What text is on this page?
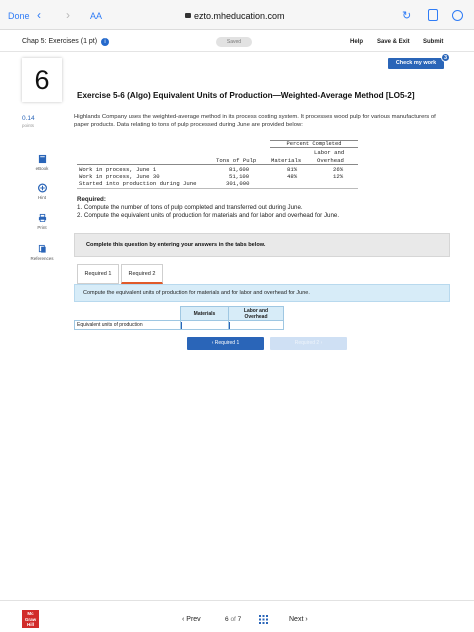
Done ‹ › AA	ezto.mheducation.com	↻
Chap 5: Exercises (1 pt) i	Saved	Help Save & Exit Submit
Check my work
3
6
0.14
points
eBook
Hint
Print
References
Exercise 5-6 (Algo) Equivalent Units of Production—Weighted-Average Method [LO5-2]
Highlands Company uses the weighted-average method in its process costing system. It processes wood pulp for various manufacturers of paper products. Data relating to tons of pulp processed during June are provided below:
Percent Completed
Labor and
Tons of Pulp	Materials	Overhead
Work in process, June 1	81,600	81%	26%
Work in process, June 30	51,100	48%	12%
Started into production during June	301,000
Required:
1. Compute the number of tons of pulp completed and transferred out during June.
2. Compute the equivalent units of production for materials and for labor and overhead for June.
Complete this question by entering your answers in the tabs below.
Required 1	Required 2
Compute the equivalent units of production for materials and for labor and overhead for June.
	Materials	Labor and
Overhead
Equivalent units of production	

‹ Required 1	Required 2 ›
Mc
Graw
Hill
‹ Prev	6 of 7	Next ›
